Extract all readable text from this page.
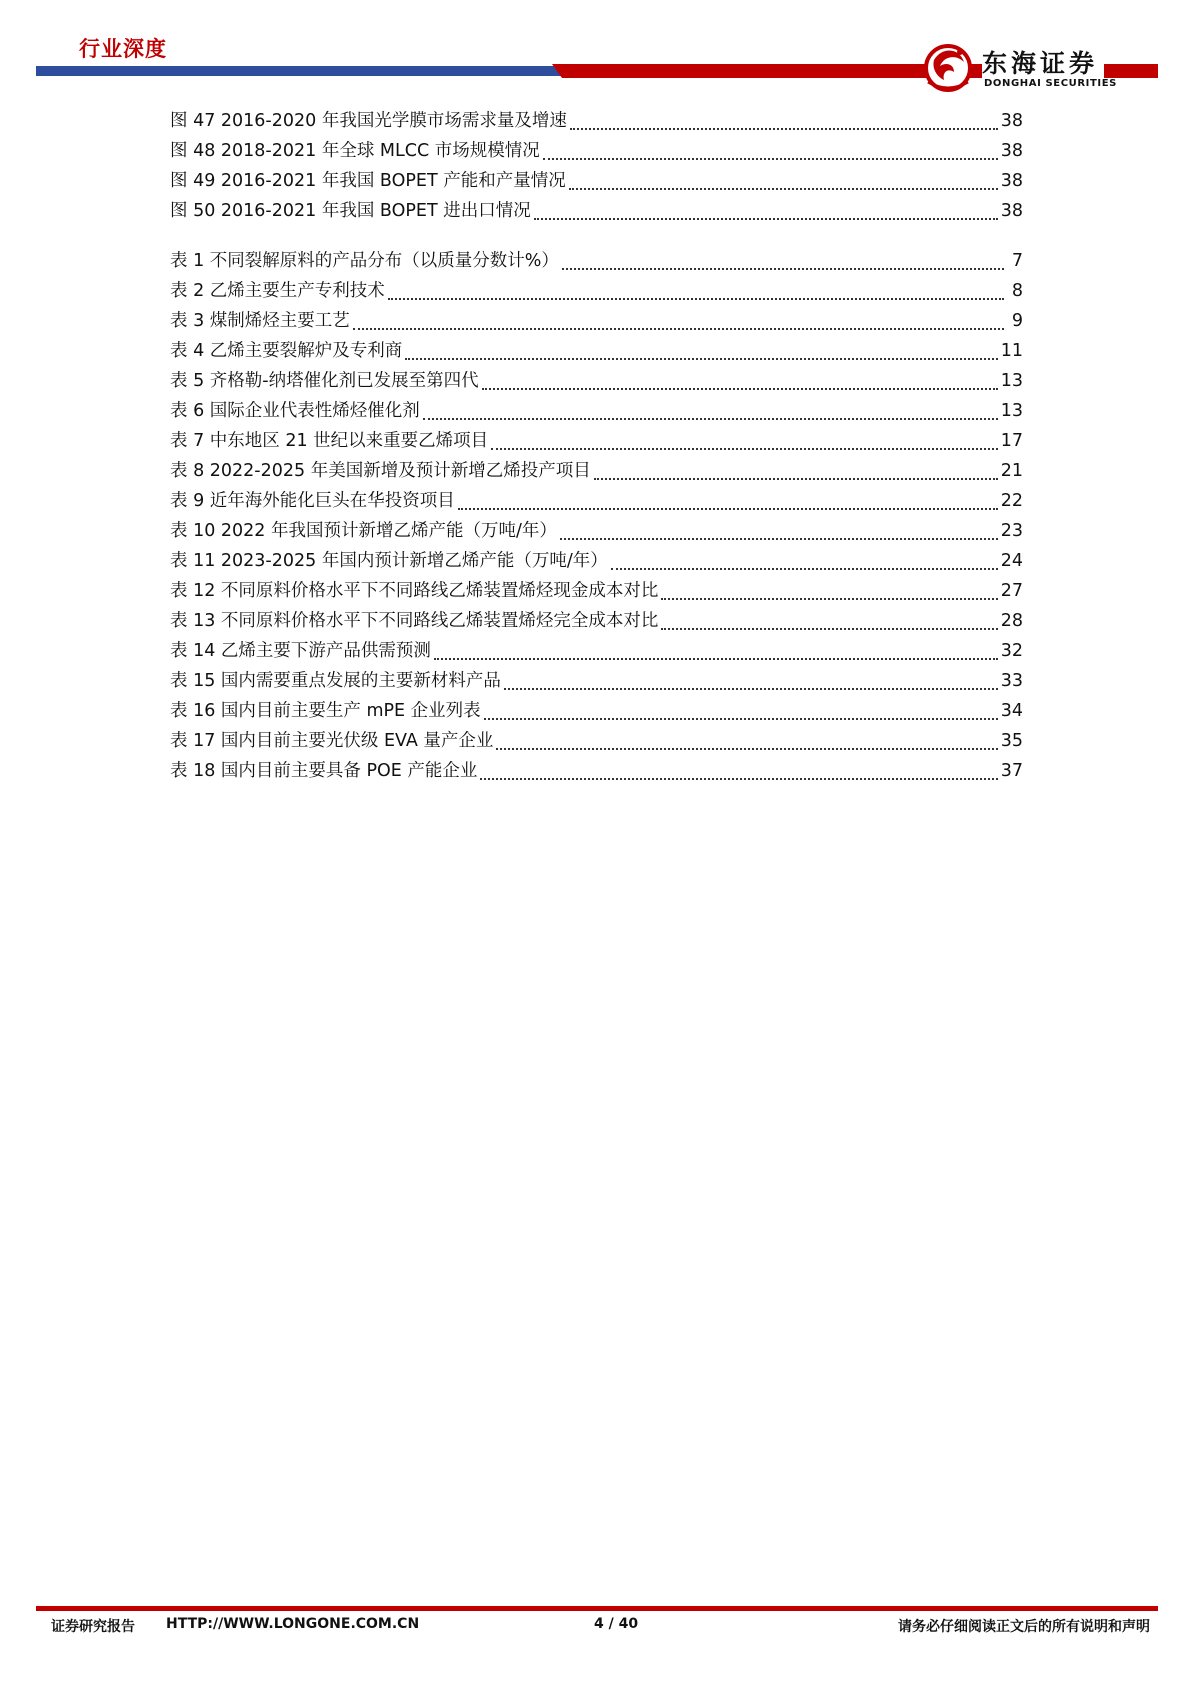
行业深度	东海证券
DONGHAI SECURITIES
图 47 2016-2020 年我国光学膜市场需求量及增速	38
图 48 2018-2021 年全球 MLCC 市场规模情况	38
图 49 2016-2021 年我国 BOPET 产能和产量情况	38
图 50 2016-2021 年我国 BOPET 进出口情况	38
表 1 不同裂解原料的产品分布（以质量分数计%）	7
表 2 乙烯主要生产专利技术	8
表 3 煤制烯烃主要工艺	9
表 4 乙烯主要裂解炉及专利商	11
表 5 齐格勒-纳塔催化剂已发展至第四代	13
表 6 国际企业代表性烯烃催化剂	13
表 7 中东地区 21 世纪以来重要乙烯项目	17
表 8 2022-2025 年美国新增及预计新增乙烯投产项目	21
表 9 近年海外能化巨头在华投资项目	22
表 10 2022 年我国预计新增乙烯产能（万吨/年）	23
表 11 2023-2025 年国内预计新增乙烯产能（万吨/年）	24
表 12 不同原料价格水平下不同路线乙烯装置烯烃现金成本对比	27
表 13 不同原料价格水平下不同路线乙烯装置烯烃完全成本对比	28
表 14 乙烯主要下游产品供需预测	32
表 15 国内需要重点发展的主要新材料产品	33
表 16 国内目前主要生产 mPE 企业列表	34
表 17 国内目前主要光伏级 EVA 量产企业	35
表 18 国内目前主要具备 POE 产能企业	37
证券研究报告 HTTP://WWW.LONGONE.COM.CN	4 / 40	请务必仔细阅读正文后的所有说明和声明
